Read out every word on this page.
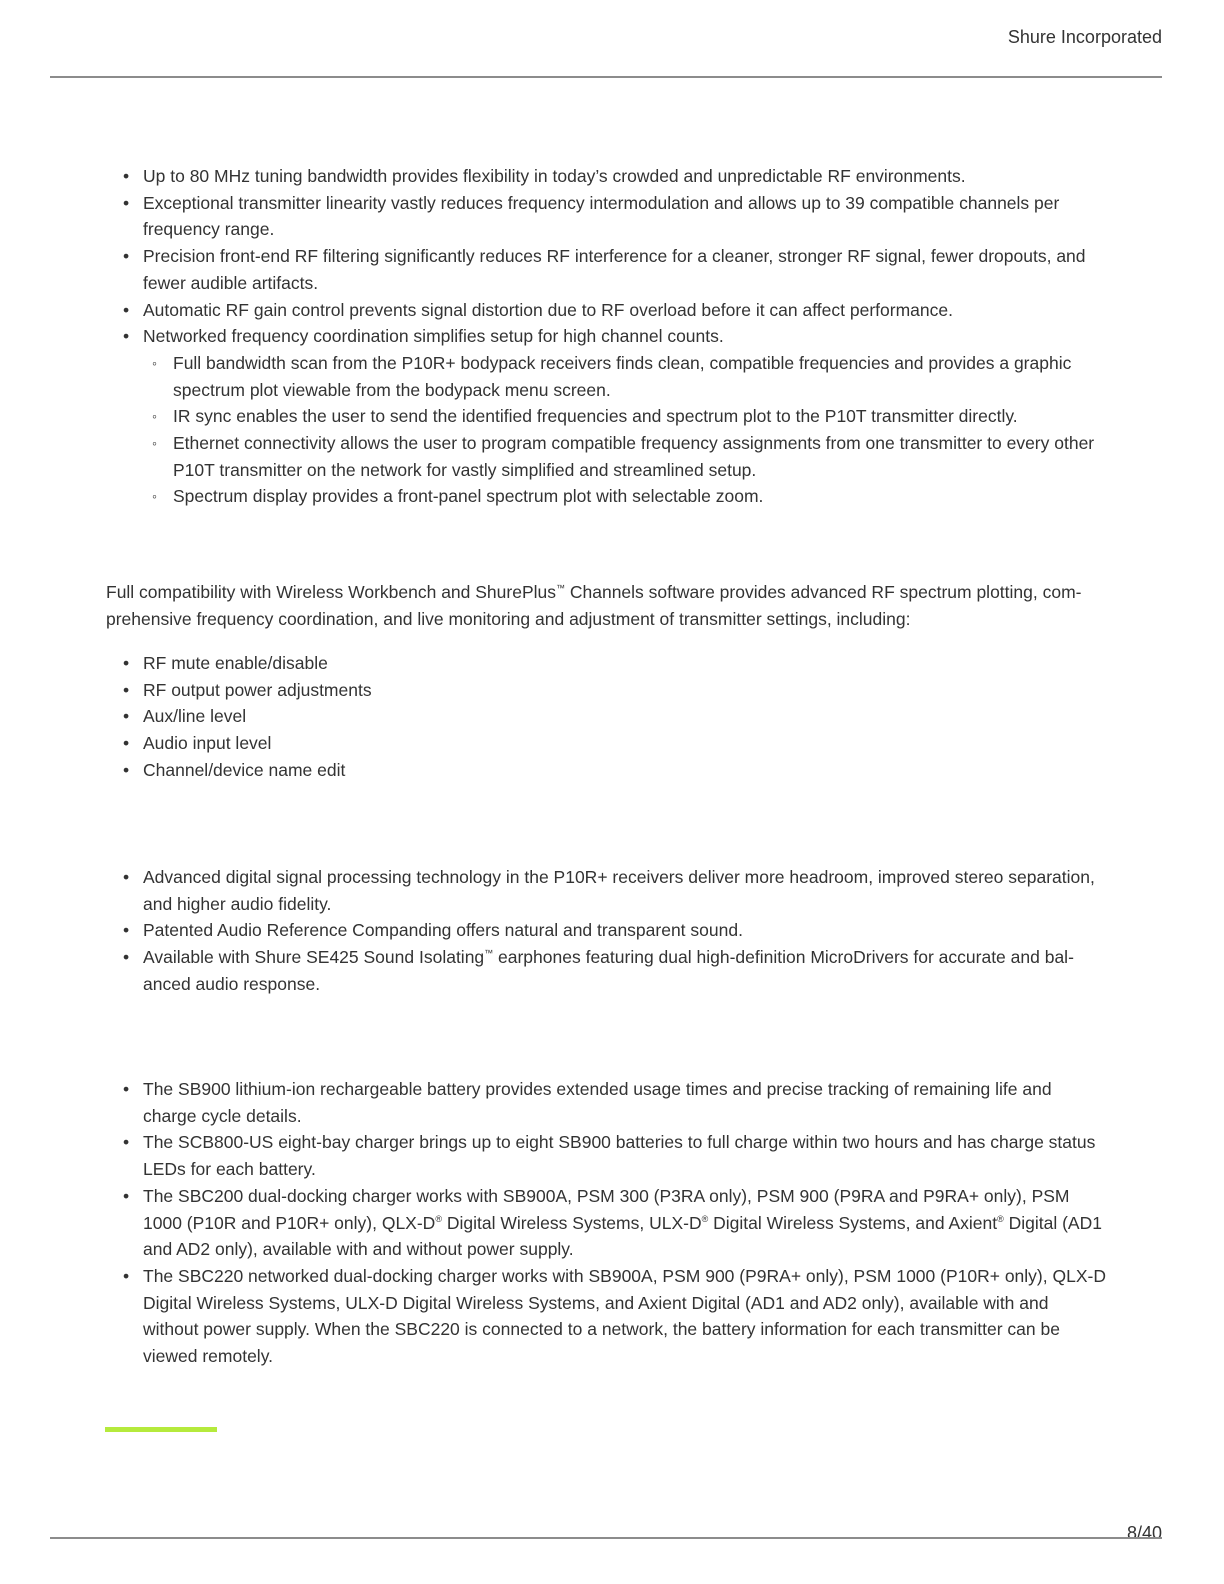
Shure Incorporated
• Up to 80 MHz tuning bandwidth provides flexibility in today’s crowded and unpredictable RF environments.
• Exceptional transmitter linearity vastly reduces frequency intermodulation and allows up to 39 compatible channels per frequency range.
• Precision front-end RF filtering significantly reduces RF interference for a cleaner, stronger RF signal, fewer dropouts, and fewer audible artifacts.
• Automatic RF gain control prevents signal distortion due to RF overload before it can affect performance.
• Networked frequency coordination simplifies setup for high channel counts.
◦ Full bandwidth scan from the P10R+ bodypack receivers finds clean, compatible frequencies and provides a graphic spectrum plot viewable from the bodypack menu screen.
◦ IR sync enables the user to send the identified frequencies and spectrum plot to the P10T transmitter directly.
◦ Ethernet connectivity allows the user to program compatible frequency assignments from one transmitter to every other P10T transmitter on the network for vastly simplified and streamlined setup.
◦ Spectrum display provides a front-panel spectrum plot with selectable zoom.

Full compatibility with Wireless Workbench and ShurePlus™ Channels software provides advanced RF spectrum plotting, comprehensive frequency coordination, and live monitoring and adjustment of transmitter settings, including:

• RF mute enable/disable
• RF output power adjustments
• Aux/line level
• Audio input level
• Channel/device name edit
• Advanced digital signal processing technology in the P10R+ receivers deliver more headroom, improved stereo separation, and higher audio fidelity.
• Patented Audio Reference Companding offers natural and transparent sound.
• Available with Shure SE425 Sound Isolating™ earphones featuring dual high-definition MicroDrivers for accurate and balanced audio response.
• The SB900 lithium-ion rechargeable battery provides extended usage times and precise tracking of remaining life and charge cycle details.
• The SCB800-US eight-bay charger brings up to eight SB900 batteries to full charge within two hours and has charge status LEDs for each battery.
• The SBC200 dual-docking charger works with SB900A, PSM 300 (P3RA only), PSM 900 (P9RA and P9RA+ only), PSM 1000 (P10R and P10R+ only), QLX-D® Digital Wireless Systems, ULX-D® Digital Wireless Systems, and Axient® Digital (AD1 and AD2 only), available with and without power supply.
• The SBC220 networked dual-docking charger works with SB900A, PSM 900 (P9RA+ only), PSM 1000 (P10R+ only), QLX-D Digital Wireless Systems, ULX-D Digital Wireless Systems, and Axient Digital (AD1 and AD2 only), available with and without power supply. When the SBC220 is connected to a network, the battery information for each transmitter can be viewed remotely.
8/40
